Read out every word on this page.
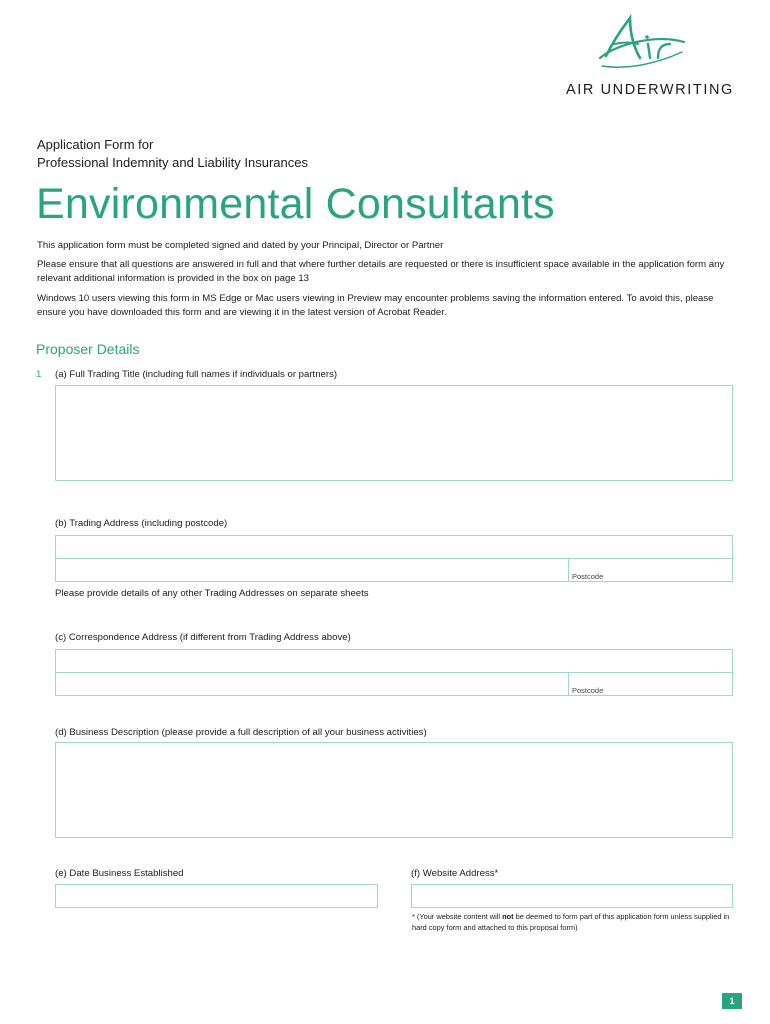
AIR UNDERWRITING
Application Form for
Professional Indemnity and Liability Insurances
Environmental Consultants
This application form must be completed signed and dated by your Principal, Director or Partner
Please ensure that all questions are answered in full and that where further details are requested or there is insufficient space available in the application form any relevant additional information is provided in the box on page 13
Windows 10 users viewing this form in MS Edge or Mac users viewing in Preview may encounter problems saving the information entered. To avoid this, please ensure you have downloaded this form and are viewing it in the latest version of Acrobat Reader.
Proposer Details
1 (a) Full Trading Title (including full names if individuals or partners)
(b) Trading Address (including postcode)
Postcode
Please provide details of any other Trading Addresses on separate sheets
(c) Correspondence Address (if different from Trading Address above)
Postcode
(d) Business Description (please provide a full description of all your business activities)
(e) Date Business Established	(f) Website Address*
* (Your website content will not be deemed to form part of this application form unless supplied in hard copy form and attached to this proposal form)
1
